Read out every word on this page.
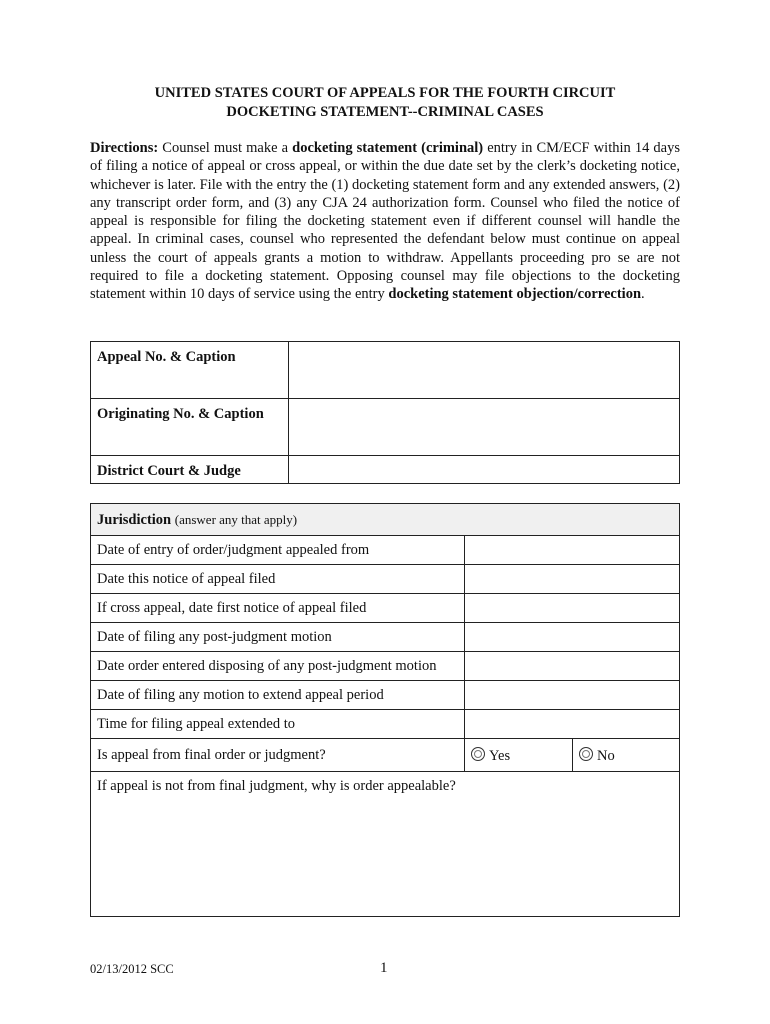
UNITED STATES COURT OF APPEALS FOR THE FOURTH CIRCUIT
DOCKETING STATEMENT--CRIMINAL CASES
Directions: Counsel must make a docketing statement (criminal) entry in CM/ECF within 14 days of filing a notice of appeal or cross appeal, or within the due date set by the clerk’s docketing notice, whichever is later. File with the entry the (1) docketing statement form and any extended answers, (2) any transcript order form, and (3) any CJA 24 authorization form. Counsel who filed the notice of appeal is responsible for filing the docketing statement even if different counsel will handle the appeal. In criminal cases, counsel who represented the defendant below must continue on appeal unless the court of appeals grants a motion to withdraw. Appellants proceeding pro se are not required to file a docketing statement. Opposing counsel may file objections to the docketing statement within 10 days of service using the entry docketing statement objection/correction.
Appeal No. & Caption
Originating No. & Caption
District Court & Judge
Jurisdiction (answer any that apply)
Date of entry of order/judgment appealed from
Date this notice of appeal filed
If cross appeal, date first notice of appeal filed
Date of filing any post-judgment motion
Date order entered disposing of any post-judgment motion
Date of filing any motion to extend appeal period
Time for filing appeal extended to
Is appeal from final order or judgment?	Yes	No
If appeal is not from final judgment, why is order appealable?
02/13/2012 SCC	1
